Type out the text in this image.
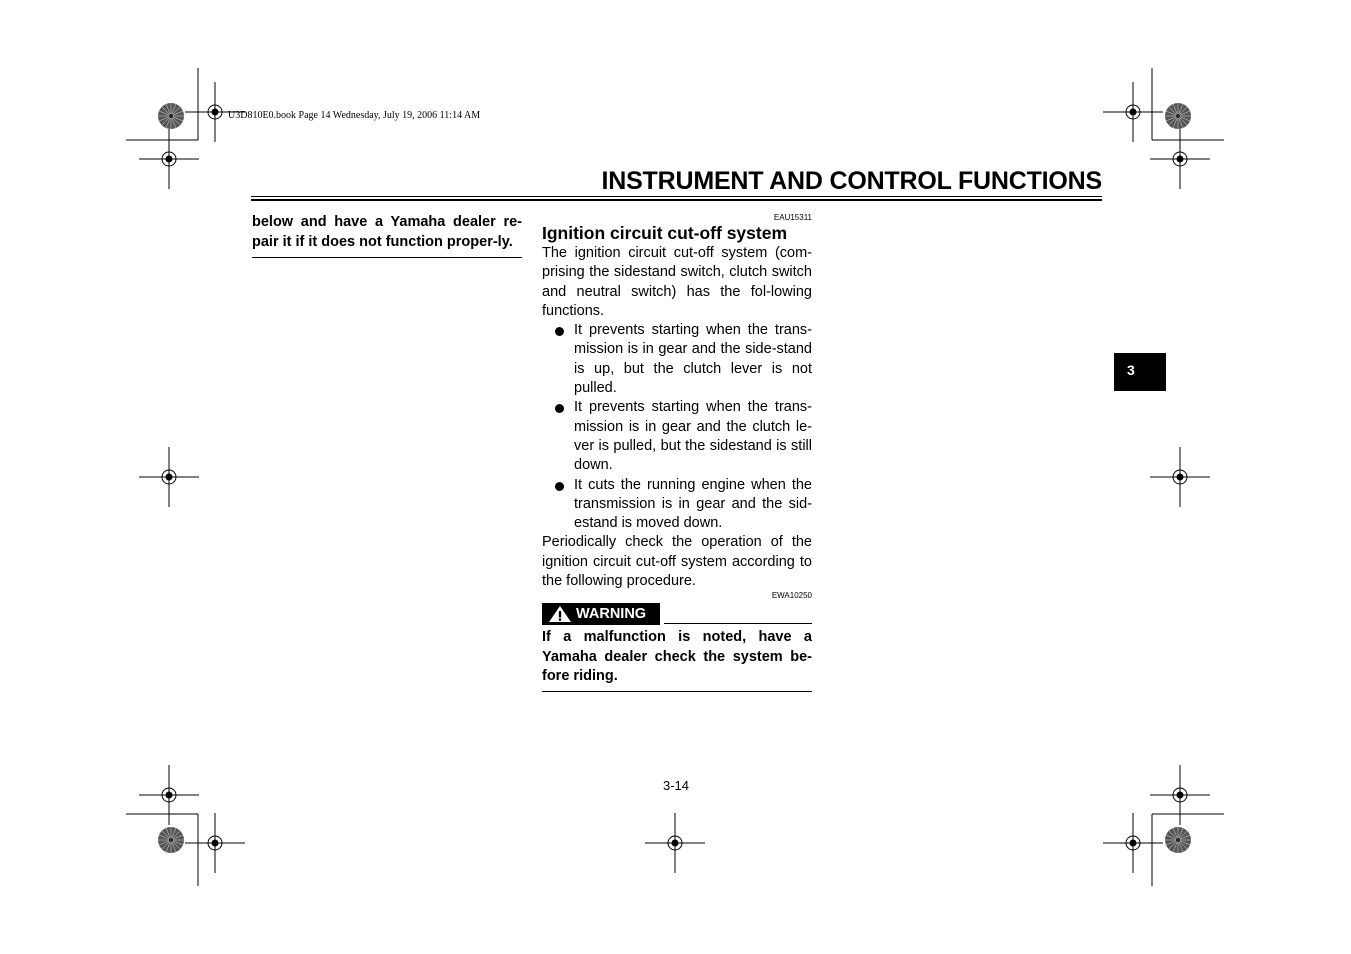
U3D810E0.book Page 14 Wednesday, July 19, 2006 11:14 AM
INSTRUMENT AND CONTROL FUNCTIONS
below and have a Yamaha dealer re-pair it if it does not function proper-ly.
EAU15311
Ignition circuit cut-off system
The ignition circuit cut-off system (com-prising the sidestand switch, clutch switch and neutral switch) has the fol-lowing functions.
It prevents starting when the trans-mission is in gear and the side-stand is up, but the clutch lever is not pulled.
It prevents starting when the trans-mission is in gear and the clutch le-ver is pulled, but the sidestand is still down.
It cuts the running engine when the transmission is in gear and the sid-estand is moved down.
Periodically check the operation of the ignition circuit cut-off system according to the following procedure.
EWA10250
WARNING
If a malfunction is noted, have a Yamaha dealer check the system be-fore riding.
3
3-14
